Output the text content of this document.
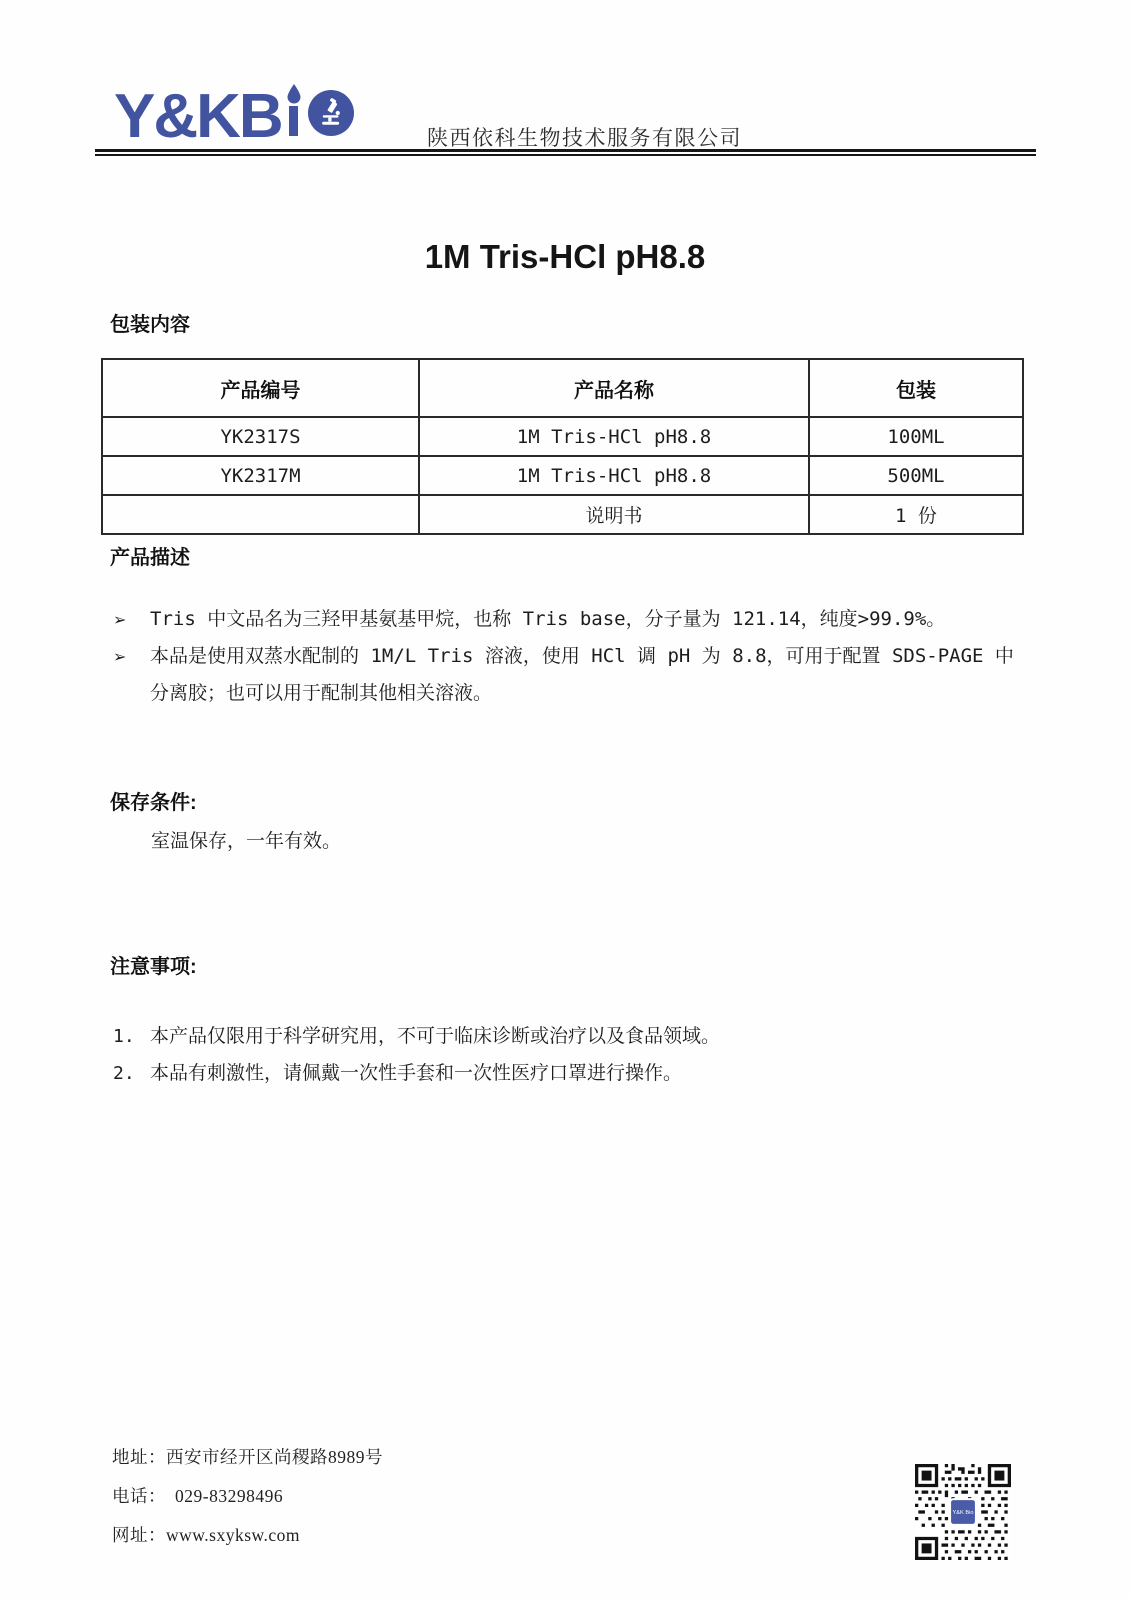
Y&KB	陕西依科生物技术服务有限公司
1M Tris-HCl pH8.8
包装内容
产品编号	产品名称	包装
YK2317S	1M Tris-HCl pH8.8	100ML
YK2317M	1M Tris-HCl pH8.8	500ML
	说明书	1 份
产品描述
➢	Tris 中文品名为三羟甲基氨基甲烷，也称 Tris base，分子量为 121.14，纯度>99.9%。
➢	本品是使用双蒸水配制的 1M/L Tris 溶液，使用 HCl 调 pH 为 8.8，可用于配置 SDS-PAGE 中分离胶；也可以用于配制其他相关溶液。
保存条件:

室温保存，一年有效。

注意事项:
1. 本产品仅限用于科学研究用，不可于临床诊断或治疗以及食品领域。
2. 本品有刺激性，请佩戴一次性手套和一次性医疗口罩进行操作。
地址：西安市经开区尚稷路8989号
电话： 029-83298496
网址：www.sxyksw.com
Y&K Bio
